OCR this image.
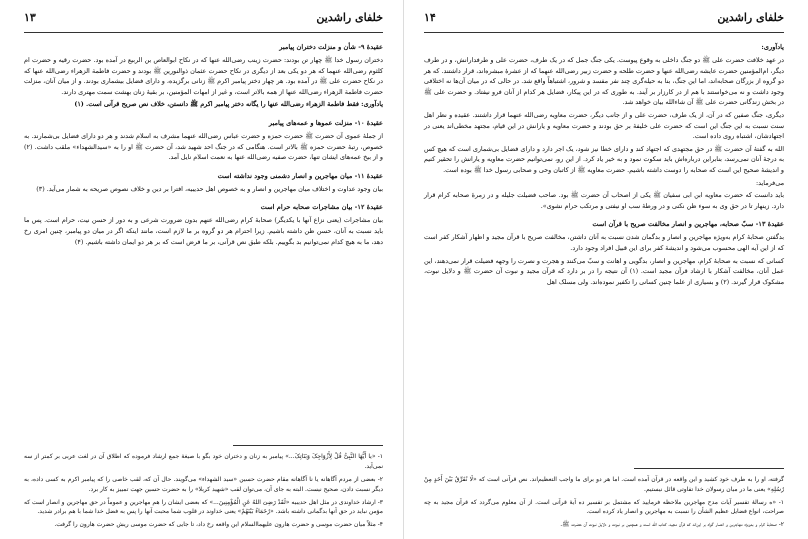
خلفای راشدین
۱۳
عقیدهٔ ۹- شأن و منزلت دختران پیامبر

دختران رسول خدا ﷺ چهار تن بودند: حضرت زینب رضی‌الله عنها که در نکاح ابوالعاص بن الربیع در آمده بود. حضرت رقیه و حضرت ام کلثوم رضی‌الله عنهما که هر دو یکی بعد از دیگری در نکاح حضرت عثمان ذوالنورین ﷺ بودند و حضرت فاطمة الزهراء رضی‌الله عنها که در نکاح حضرت علی ﷺ در آمده بود. هر چهار دختر پیامبر اکرم ﷺ زنانی برگزیده، و دارای فضایل بیشماری بودند. و از میان آنان، منزلت حضرت فاطمة الزهراء رضی‌الله عنها از همه بالاتر است، و غیر از امهات المؤمنین، بر بقیهٔ زنان بهشت سمت مهتری دارند.

یادآوری: فقط فاطمة الزهراء رضی‌الله عنها را یگانه دختر پیامبر اکرم ﷺ دانستن، خلاف نص صریح قرآنی است. (۱)

عقیدهٔ ۱۰- منزلت عموها و عمه‌های پیامبر

از جملهٔ عموی آن حضرت ﷺ حضرت حمزه و حضرت عباس رضی‌الله عنهما مشرف به اسلام شدند و هر دو دارای فضایل بی‌شمارند. به خصوص، رتبهٔ حضرت حمزه ﷺ بالاتر است. هنگامی که در جنگ احد شهید شد، آن حضرت ﷺ او را به «سیدالشهداء» ملقب داشت. (۲) و از بیخ عمه‌های ایشان تنها، حضرت صفیه رضی‌الله عنها به نعمت اسلام نایل آمد.

عقیدهٔ ۱۱- میان مهاجرین و انصار دشمنی وجود نداشته است

بیان وجود عداوت و اختلاف میان مهاجرین و انصار و به خصوص اهل حدیبیه، افترا بر دین و خلاف نصوص صریحه به شمار می‌آید. (۳)

عقیدهٔ ۱۲- بیان مشاجرات صحابه حرام است

بیان مشاجرات (یعنی نزاع آنها با یکدیگر) صحابهٔ کرام رضی‌الله عنهم بدون ضرورت شرعی و به دور از حسن نیت، حرام است. پس ما باید نسبت به آنان، حسن ظن داشته باشیم. زیرا احترام هر دو گروه بر ما لازم است، مانند اینکه اگر در میان دو پیامبر، چنین امری رخ دهد، ما به هیچ کدام نمی‌توانیم بد بگوییم. بلکه طبق نص قرآنی، بر ما فرض است که بر هر دو ایمان داشته باشیم. (۴)

۱- «یا أَیُّهَا النَّبِیُّ قُلْ لِأَزْوَاجِکَ وَبَنَاتِکَ...» پیامبر به زنان و دختران خود بگو با صیغهٔ جمع ارشاد فرموده که اطلاق آن در لغت عربی بر کمتر از سه نمی‌آید.

۲- بعضی از مردم آگاهانه یا نا آگاهانه مقام حضرت حسین «سید الشهداء» می‌گویند. حال آن که، لقب خاصی را که پیامبر اکرم به کسی داده، به دیگر نسبت دادن، صحیح نیست. البته به جای آن، می‌توان لقب «شهید کربلا» را به حضرت حسین جهت تمییز به کار برد.

۳- ارشاد خداوندی در مثل اهل حدیبیه «لَقَدْ رَضِیَ اللهُ عَنِ الْمُؤْمِنِینَ...» که بعضی ایشان را هم مهاجرین و عموماً در حق مهاجرین و انصار است که مؤمن نباید در حق آنها بدگمانی داشته باشد. «رُحَمَاءُ بَیْنَهُمْ» یعنی خداوند در قلوب شما محبت آنها را پس به فضل خدا شما با هم برادر شدید.

۴- مثلاً میان حضرت موسی و حضرت هارون علیهماالسلام این واقعه رخ داد، تا جایی که حضرت موسی ریش حضرت هارون را گرفت.

خلفای راشدین
۱۴
یادآوری:

در عهد خلافت حضرت علی ﷺ دو جنگ داخلی به وقوع پیوست. یکی جنگ جمل که در یک طرف، حضرت علی و طرفدارانش، و در طرف دیگر، ام‌المؤمنین حضرت عایشه رضی‌الله عنها و حضرت طلحه و حضرت زبیر رضی‌الله عنهما که از عشرهٔ مبشره‌اند، قرار داشتند. که هر دو گروه از بزرگان صحابه‌اند، اما این جنگ، بنا به حیله‌گری چند نفر مفسد و شرور، اشتباهاً واقع شد. در حالی که در میان آن‌ها نه اختلافی وجود داشت و نه می‌خواستند با هم از در کارزار بر آیند. به طوری که در این پیکار، فضایل هر کدام از آنان فرو نیفتاد. و حضرت علی ﷺ در بخش زندگانی حضرت علی ﷺ آن شاءالله بیان خواهد شد.

دیگری، جنگ صفین که در آن، از یک طرف، حضرت علی و از جانب دیگر، حضرت معاویه رضی‌الله عنهما قرار داشتند. عقیده و نظر اهل سنت نسبت به این جنگ این است که حضرت علی خلیفهٔ بر حق بودند و حضرت معاویه و یارانش در این قیام، مجتهد مخطی‌اند یعنی در اجتهادشان، اشتباه روی داده است.

الله به گفتهٔ آن حضرت ﷺ در حق مجتهدی که اجتهاد کند و دارای خطا نیز شود، یک اجر دارد و دارای فضایل بی‌شماری است که هیچ کس به درجهٔ آنان نمی‌رسد، بنابراین درباره‌اش باید سکوت نمود و به خیر یاد کرد. از این رو، نمی‌توانیم حضرت معاویه و یارانش را تحقیر کنیم و اندیشهٔ صحیح این است که صحابه را دوست داشته باشیم. حضرت معاویه ﷺ از کاتبان وحی و صحابی رسول خدا ﷺ بوده است.

می‌فرماید:

باید دانست که حضرت معاویه ابن ابی سفیان ﷺ یکی از اصحاب آن حضرت ﷺ بود. صاحب فضیلت جلیله و در زمرهٔ صحابه کرام قرار دارد. زینهار تا در حق وی به سوء ظن نکنی و در ورطهٔ سب او نیفتی و مرتکب حرام نشوی».

عقیدهٔ ۱۳- سبّ صحابه، مهاجرین و انصار مخالفت صریح با قرآن است

بدگفتن صحابهٔ کرام به‌ویژه مهاجرین و انصار و بدگمان شدن نسبت به آنان داشتن، مخالفت صریح با قرآن مجید و اظهار آشکار کفر است که از این آیه الهی محسوب می‌شود و اندیشهٔ کفر برای این قبیل افراد وجود دارد.

کسانی که نسبت به صحابهٔ کرام، مهاجرین و انصار، بدگویی و اهانت و سبّ می‌کنند و هجرت و نصرت را وجهه فضیلت قرار نمی‌دهند، این عمل آنان، مخالفت آشکار با ارشاد قرآن مجید است. (۱) آن نتیجه را در بر دارد که قرآن مجید و نبوت آن حضرت ﷺ و دلایل نبوت، مشکوک قرار گیرند. (۲) و بسیاری از علما چنین کسانی را تکفیر نموده‌اند. ولی مسلک اهل

گرفته، او را به طرف خود کشید و این واقعه در قرآن آمده است. اما هر دو برای ما واجب التعظیم‌اند. نص قرآنی است که «لَا نُفَرِّقُ بَیْنَ أَحَدٍ مِنْ رُسُلِهِ» یعنی ما در میان رسولان خدا تفاوتی قائل نیستیم.

۱- «ه رسالهٔ تفسیر آیات مدح مهاجرین ملاحظه فرمایید که مشتمل بر تفسیر ده آیهٔ قرآنی است. از آن معلوم می‌گردد که قرآن مجید به چه صراحت، انواع فضایل عظیم الشأن را نسبت به مهاجرین و انصار یاد کرده است.

۲- صحابهٔ کرام و به‌ویژه مهاجرین و انصار گواه بر این‌اند که قرآن مجید، کتاب الله است و همچنین بر نبوت و دلایل نبوت آن حضرت ﷺ.
